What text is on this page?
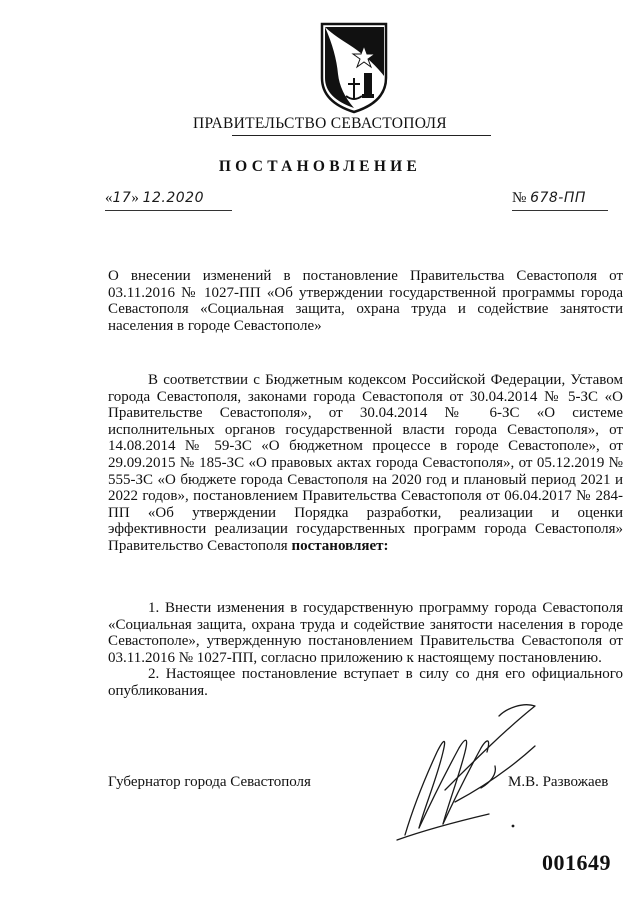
ПРАВИТЕЛЬСТВО СЕВАСТОПОЛЯ
ПОСТАНОВЛЕНИЕ
«17» 12.2020	№ 678-ПП

О внесении изменений в постановление Правительства Севастополя от 03.11.2016 № 1027-ПП «Об утверждении государственной программы города Севастополя «Социальная защита, охрана труда и содействие занятости населения в городе Севастополе»

В соответствии с Бюджетным кодексом Российской Федерации, Уставом города Севастополя, законами города Севастополя от 30.04.2014 № 5-ЗС «О Правительстве Севастополя», от 30.04.2014 № 6-ЗС «О системе исполнительных органов государственной власти города Севастополя», от 14.08.2014 № 59-ЗС «О бюджетном процессе в городе Севастополе», от 29.09.2015 № 185-ЗС «О правовых актах города Севастополя», от 05.12.2019 № 555-ЗС «О бюджете города Севастополя на 2020 год и плановый период 2021 и 2022 годов», постановлением Правительства Севастополя от 06.04.2017 № 284-ПП «Об утверждении Порядка разработки, реализации и оценки эффективности реализации государственных программ города Севастополя» Правительство Севастополя постановляет:

1. Внести изменения в государственную программу города Севастополя «Социальная защита, охрана труда и содействие занятости населения в городе Севастополе», утвержденную постановлением Правительства Севастополя от 03.11.2016 № 1027-ПП, согласно приложению к настоящему постановлению.

2. Настоящее постановление вступает в силу со дня его официального опубликования.

Губернатор города Севастополя	М.В. Развожаев
001649
